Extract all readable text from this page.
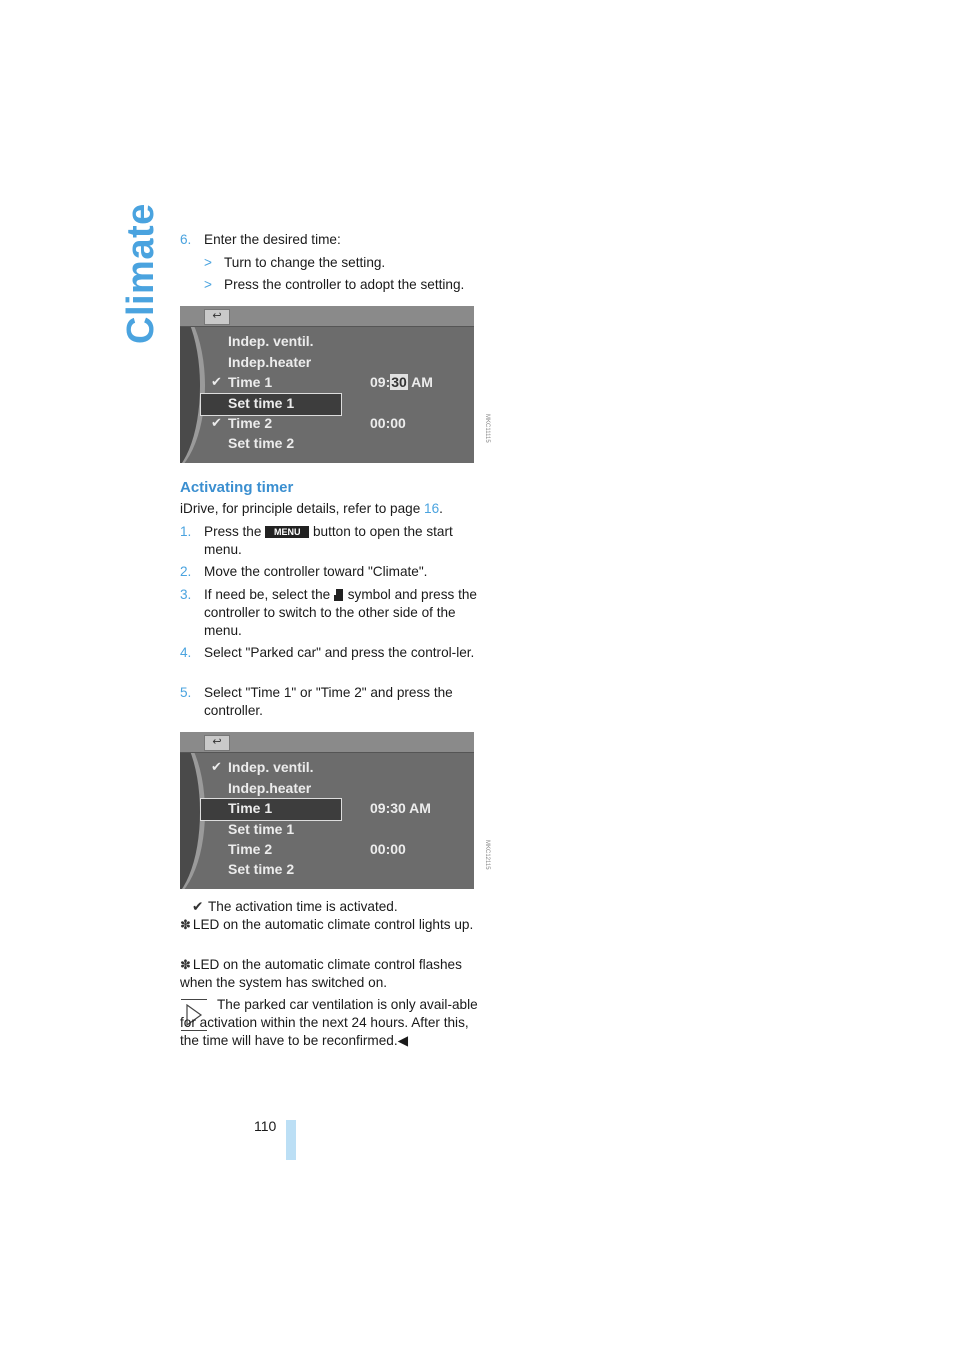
Climate 6. Enter the desired time:
> Turn to change the setting.
> Press the controller to adopt the setting.
↩
Indep. ventil.
Indep.heater
✔ Time 1	09:30 AM
Set time 1
✔ Time 2	00:00
Set time 2
MKC11115
Activating timer
iDrive, for principle details, refer to page 16.
1. Press the MENU button to open the start menu.
2. Move the controller toward "Climate".
3. If need be, select the  symbol and press the controller to switch to the other side of the menu.
4. Select "Parked car" and press the control-ler.
5. Select "Time 1" or "Time 2" and press the controller.
↩
✔ Indep. ventil.
Indep.heater
Time 1	09:30 AM
Set time 1
Time 2	00:00
Set time 2	MKC12115
✔ The activation time is activated.
✽ LED on the automatic climate control lights up.
✽ LED on the automatic climate control flashes when the system has switched on.
The parked car ventilation is only avail-able for activation within the next 24 hours. After this, the time will have to be reconfirmed.◀
110
